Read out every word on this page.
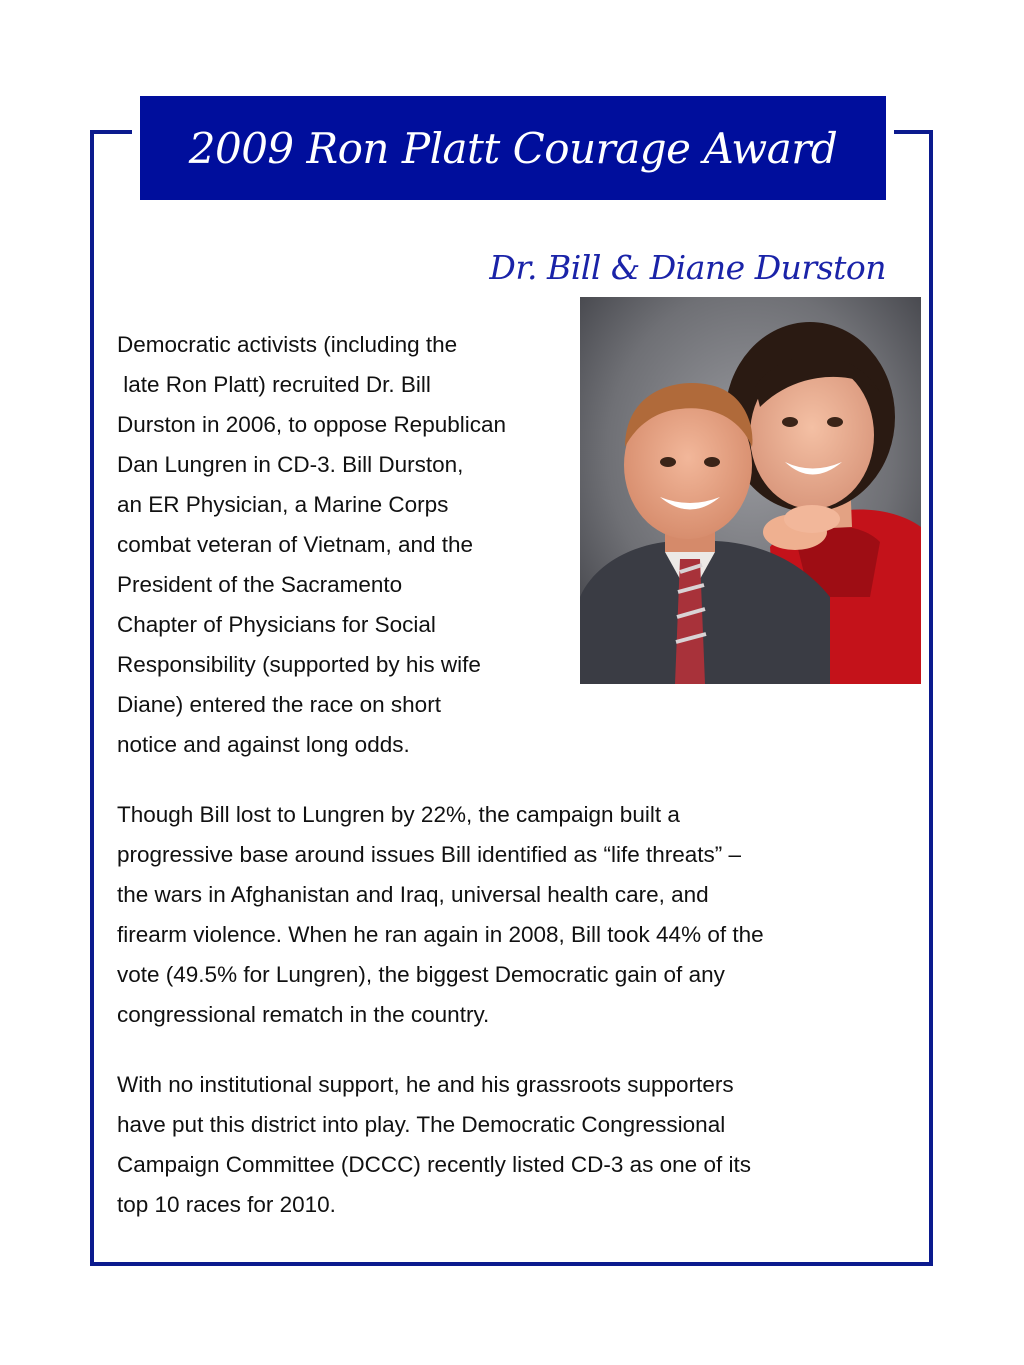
2009 Ron Platt Courage Award
Dr. Bill & Diane Durston
Democratic activists (including the
late Ron Platt) recruited Dr. Bill
Durston in 2006, to oppose Republican
Dan Lungren in CD-3. Bill Durston,
an ER Physician, a Marine Corps
combat veteran of Vietnam, and the
President of the Sacramento
Chapter of Physicians for Social
Responsibility (supported by his wife
Diane) entered the race on short
notice and against long odds.
Though Bill lost to Lungren by 22%, the campaign built a
progressive base around issues Bill identified as “life threats” –
the wars in Afghanistan and Iraq, universal health care, and
firearm violence. When he ran again in 2008, Bill took 44% of the
vote (49.5% for Lungren), the biggest Democratic gain of any
congressional rematch in the country.
With no institutional support, he and his grassroots supporters
have put this district into play. The Democratic Congressional
Campaign Committee (DCCC) recently listed CD-3 as one of its
top 10 races for 2010.
